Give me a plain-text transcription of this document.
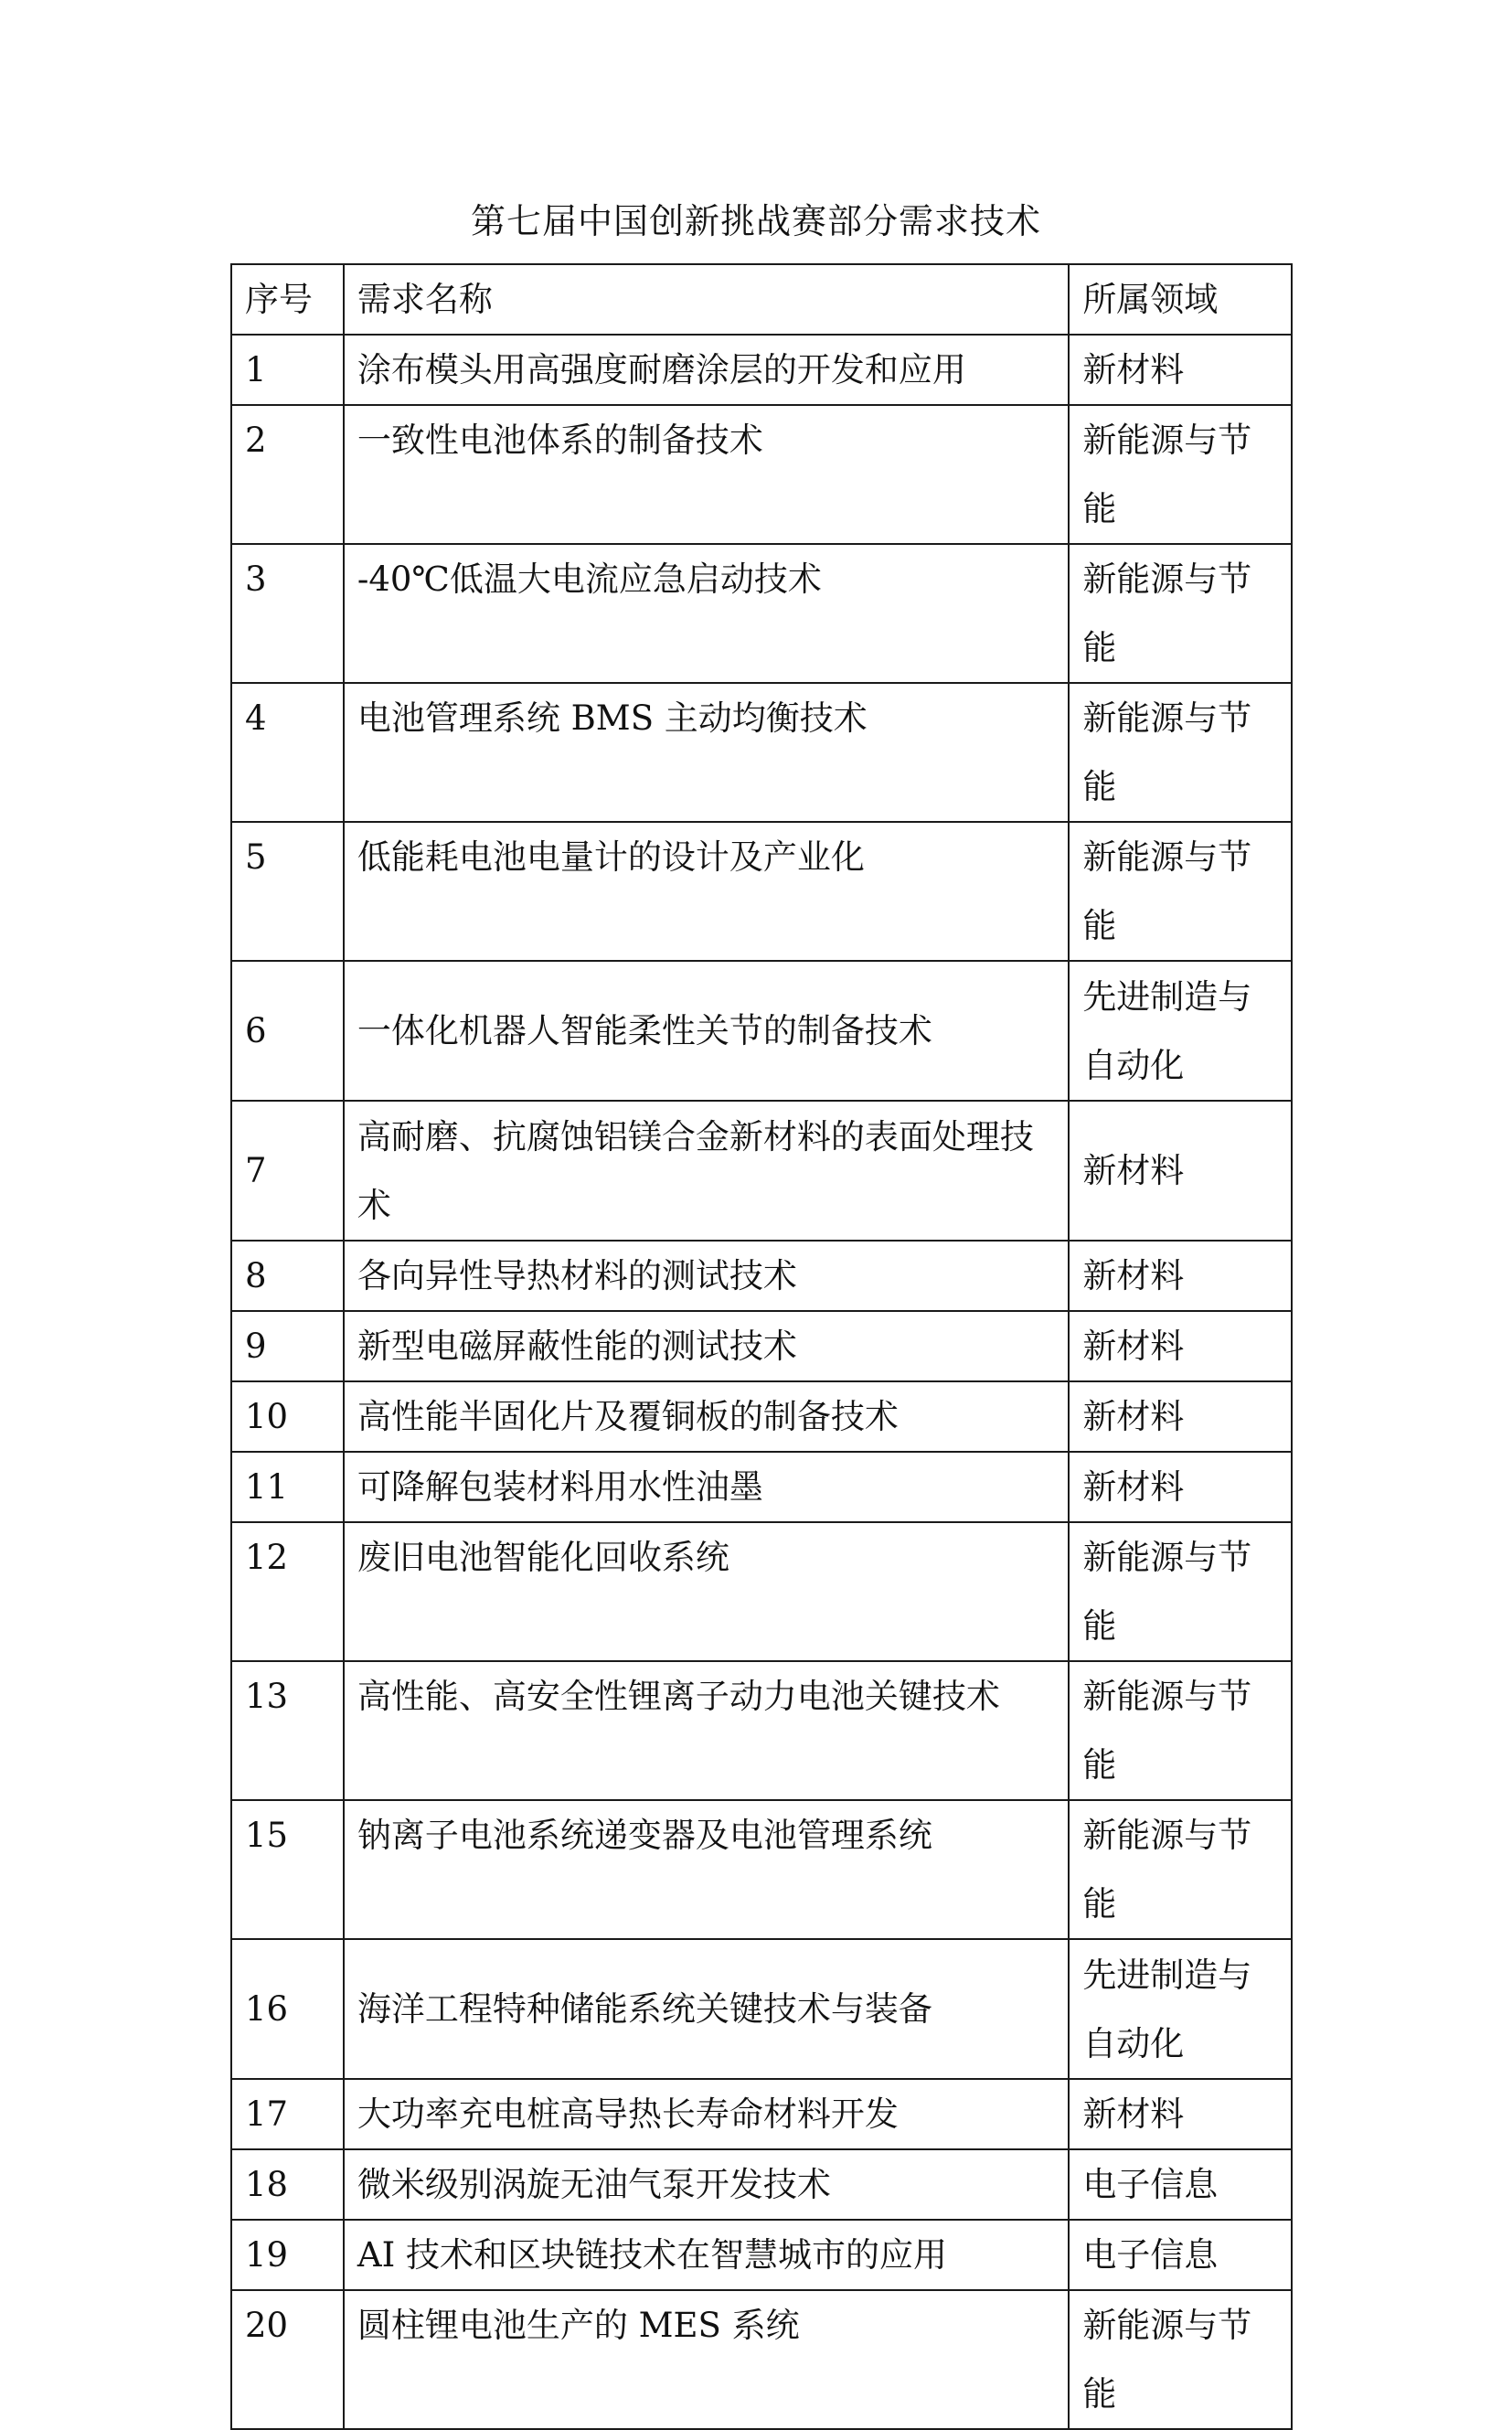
第七届中国创新挑战赛部分需求技术
序号	需求名称	所属领域
1	涂布模头用高强度耐磨涂层的开发和应用	新材料
2	一致性电池体系的制备技术	新能源与节能
3	-40℃低温大电流应急启动技术	新能源与节能
4	电池管理系统 BMS 主动均衡技术	新能源与节能
5	低能耗电池电量计的设计及产业化	新能源与节能
6	一体化机器人智能柔性关节的制备技术	先进制造与自动化
7	高耐磨、抗腐蚀铝镁合金新材料的表面处理技术	新材料
8	各向异性导热材料的测试技术	新材料
9	新型电磁屏蔽性能的测试技术	新材料
10	高性能半固化片及覆铜板的制备技术	新材料
11	可降解包装材料用水性油墨	新材料
12	废旧电池智能化回收系统	新能源与节能
13	高性能、高安全性锂离子动力电池关键技术	新能源与节能
15	钠离子电池系统递变器及电池管理系统	新能源与节能
16	海洋工程特种储能系统关键技术与装备	先进制造与自动化
17	大功率充电桩高导热长寿命材料开发	新材料
18	微米级别涡旋无油气泵开发技术	电子信息
19	AI 技术和区块链技术在智慧城市的应用	电子信息
20	圆柱锂电池生产的 MES 系统	新能源与节能
